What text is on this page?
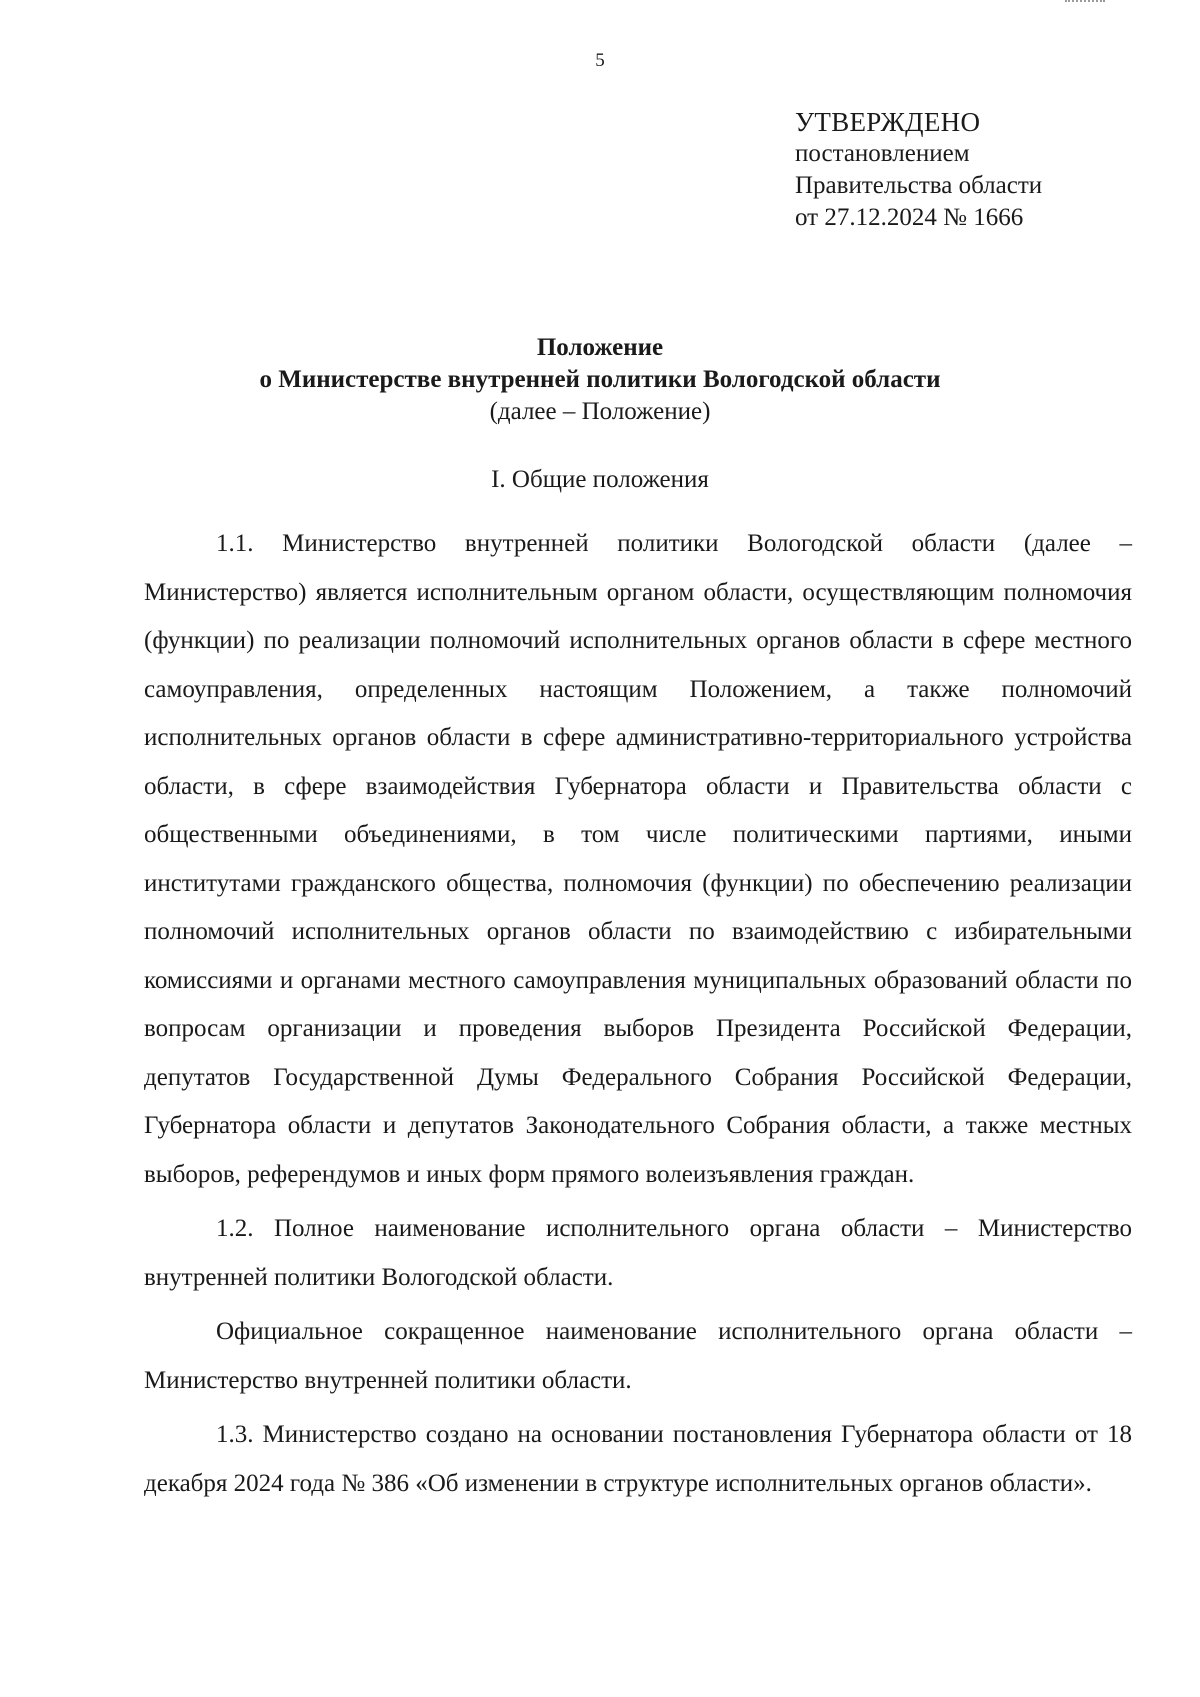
5
УТВЕРЖДЕНО
постановлением
Правительства области
от 27.12.2024 № 1666
Положение
о Министерстве внутренней политики Вологодской области
(далее – Положение)
I. Общие положения

1.1. Министерство внутренней политики Вологодской области (далее – Министерство) является исполнительным органом области, осуществляющим полномочия (функции) по реализации полномочий исполнительных органов области в сфере местного самоуправления, определенных настоящим Положением, а также полномочий исполнительных органов области в сфере административно-территориального устройства области, в сфере взаимодействия Губернатора области и Правительства области с общественными объединениями, в том числе политическими партиями, иными институтами гражданского общества, полномочия (функции) по обеспечению реализации полномочий исполнительных органов области по взаимодействию с избирательными комиссиями и органами местного самоуправления муниципальных образований области по вопросам организации и проведения выборов Президента Российской Федерации, депутатов Государственной Думы Федерального Собрания Российской Федерации, Губернатора области и депутатов Законодательного Собрания области, а также местных выборов, референдумов и иных форм прямого волеизъявления граждан.

1.2. Полное наименование исполнительного органа области – Министерство внутренней политики Вологодской области.

Официальное сокращенное наименование исполнительного органа области – Министерство внутренней политики области.

1.3. Министерство создано на основании постановления Губернатора области от 18 декабря 2024 года № 386 «Об изменении в структуре исполнительных органов области».
